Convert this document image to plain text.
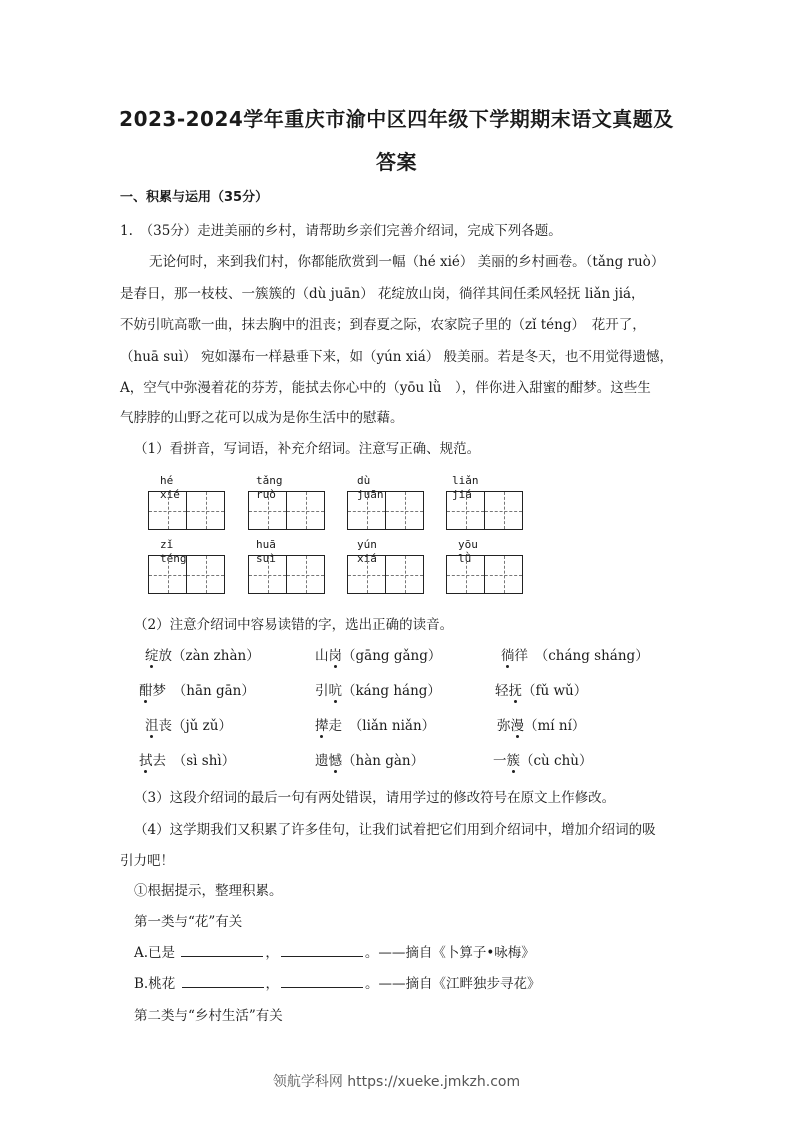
2023-2024学年重庆市渝中区四年级下学期期末语文真题及
答案
一、积累与运用（35分）
1.　（35分）走进美丽的乡村，请帮助乡亲们完善介绍词，完成下列各题。
无论何时，来到我们村，你都能欣赏到一幅（hé xié） 美丽的乡村画卷。（tǎng ruò）
是春日，那一枝枝、一簇簇的（dù juān） 花绽放山岗，徜徉其间任柔风轻抚 liǎn jiá，
不妨引吭高歌一曲，抹去胸中的沮丧；到春夏之际，农家院子里的（zǐ téng）　花开了，
（huā suì） 宛如瀑布一样悬垂下来，如（yún xiá） 般美丽。若是冬天，也不用觉得遗憾，
A，空气中弥漫着花的芬芳，能拭去你心中的（yōu lǜ　），伴你进入甜蜜的酣梦。这些生
气脖脖的山野之花可以成为是你生活中的慰藉。
（1）看拼音，写词语，补充介绍词。注意写正确、规范。
hé　xié
tǎng　ruò
dù　juān
liǎn　jiá
zǐ　　téng
huā　suì
yún　xiá
yōu　lǜ
（2）注意介绍词中容易读错的字，选出正确的读音。
绽放（zàn zhàn）	山岗（gāng gǎng）	徜徉　（cháng sháng）
酣梦　（hān gān）	引吭（káng háng）	轻抚（fǔ wǔ）
沮丧（jǔ zǔ）	撵走　（liǎn niǎn）	弥漫（mí ní）
拭去　（sì shì）	遗憾（hàn gàn）	一簇（cù chù）
（3）这段介绍词的最后一句有两处错误，请用学过的修改符号在原文上作修改。
（4）这学期我们又积累了许多佳句，让我们试着把它们用到介绍词中，增加介绍词的吸
引力吧！
①根据提示，整理积累。
第一类与“花”有关
A.已是	，	。——摘自《卜算子•咏梅》
B.桃花	，	。——摘自《江畔独步寻花》
第二类与“乡村生活”有关
领航学科网 https://xueke.jmkzh.com
